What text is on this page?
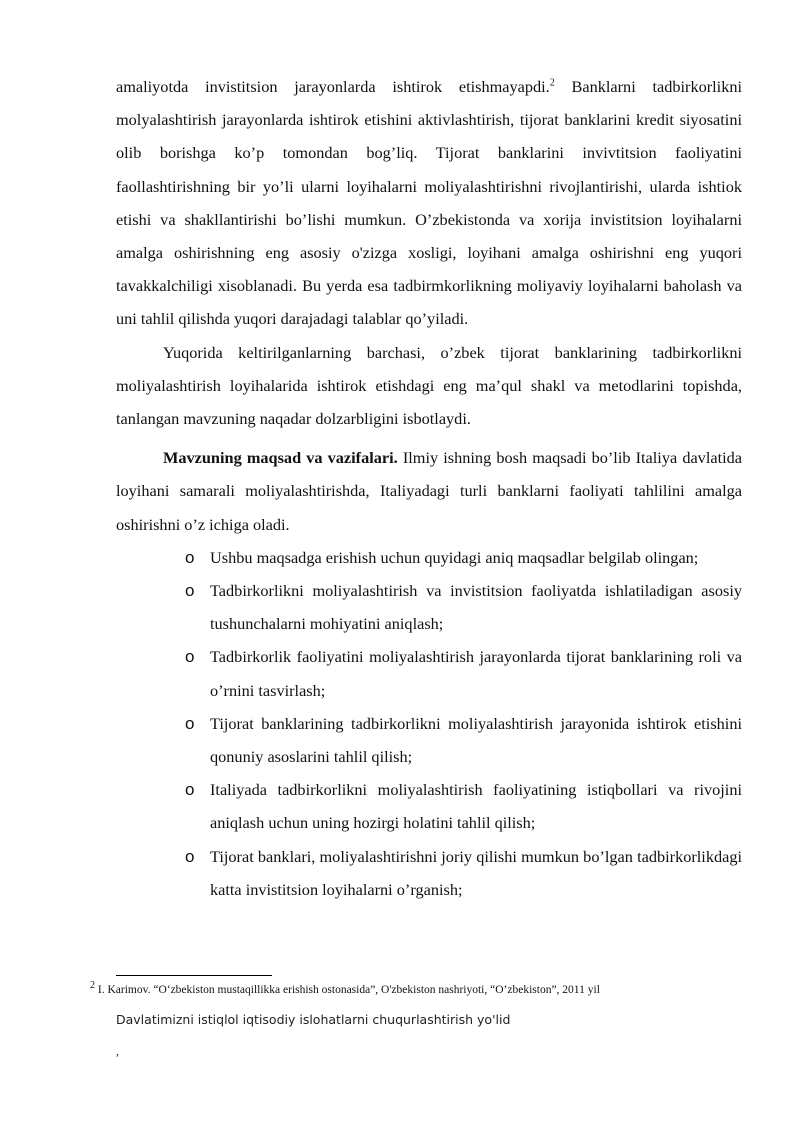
amaliyotda invistitsion jarayonlarda ishtirok etishmayapdi.$^2$ Banklarni tadbirkorlikni molyalashtirish jarayonlarda ishtirok etishini aktivlashtirish, tijorat banklarini kredit siyosatini olib borishga ko’p tomondan bog’liq. Tijorat banklarini invivtitsion faoliyatini faollashtirishning bir yo’li ularni loyihalarni moliyalashtirishni rivojlantirishi, ularda ishtiok etishi va shakllantirishi bo’lishi mumkun. O’zbekistonda va xorija invistitsion loyihalarni amalga oshirishning eng asosiy o'zizga xosligi, loyihani amalga oshirishni eng yuqori tavakkalchiligi xisoblanadi. Bu yerda esa tadbirmkorlikning moliyaviy loyihalarni baholash va uni tahlil qilishda yuqori darajadagi talablar qo’yiladi.

Yuqorida keltirilganlarning barchasi, o’zbek tijorat banklarining tadbirkorlikni moliyalashtirish loyihalarida ishtirok etishdagi eng ma’qul shakl va metodlarini topishda, tanlangan mavzuning naqadar dolzarbligini isbotlaydi.

Mavzuning maqsad va vazifalari. Ilmiy ishning bosh maqsadi bo’lib Italiya davlatida loyihani samarali moliyalashtirishda, Italiyadagi turli banklarni faoliyati tahlilini amalga oshirishni o’z ichiga oladi.

o Ushbu maqsadga erishish uchun quyidagi aniq maqsadlar belgilab olingan;
o Tadbirkorlikni moliyalashtirish va invistitsion faoliyatda ishlatiladigan asosiy tushunchalarni mohiyatini aniqlash;
o Tadbirkorlik faoliyatini moliyalashtirish jarayonlarda tijorat banklarining roli va o’rnini tasvirlash;
o Tijorat banklarining tadbirkorlikni moliyalashtirish jarayonida ishtirok etishini qonuniy asoslarini tahlil qilish;
o Italiyada tadbirkorlikni moliyalashtirish faoliyatining istiqbollari va rivojini aniqlash uchun uning hozirgi holatini tahlil qilish;
o Tijorat banklari, moliyalashtirishni joriy qilishi mumkun bo’lgan tadbirkorlikdagi katta invistitsion loyihalarni o’rganish;
$^2$ I. Karimov. “O‘zbekiston mustaqillikka erishish ostonasida”, O'zbekiston nashriyoti, “O’zbekiston”, 2011 yil
Davlatimizni istiqlol iqtisodiy islohatlarni chuqurlashtirish yo'lid
,
